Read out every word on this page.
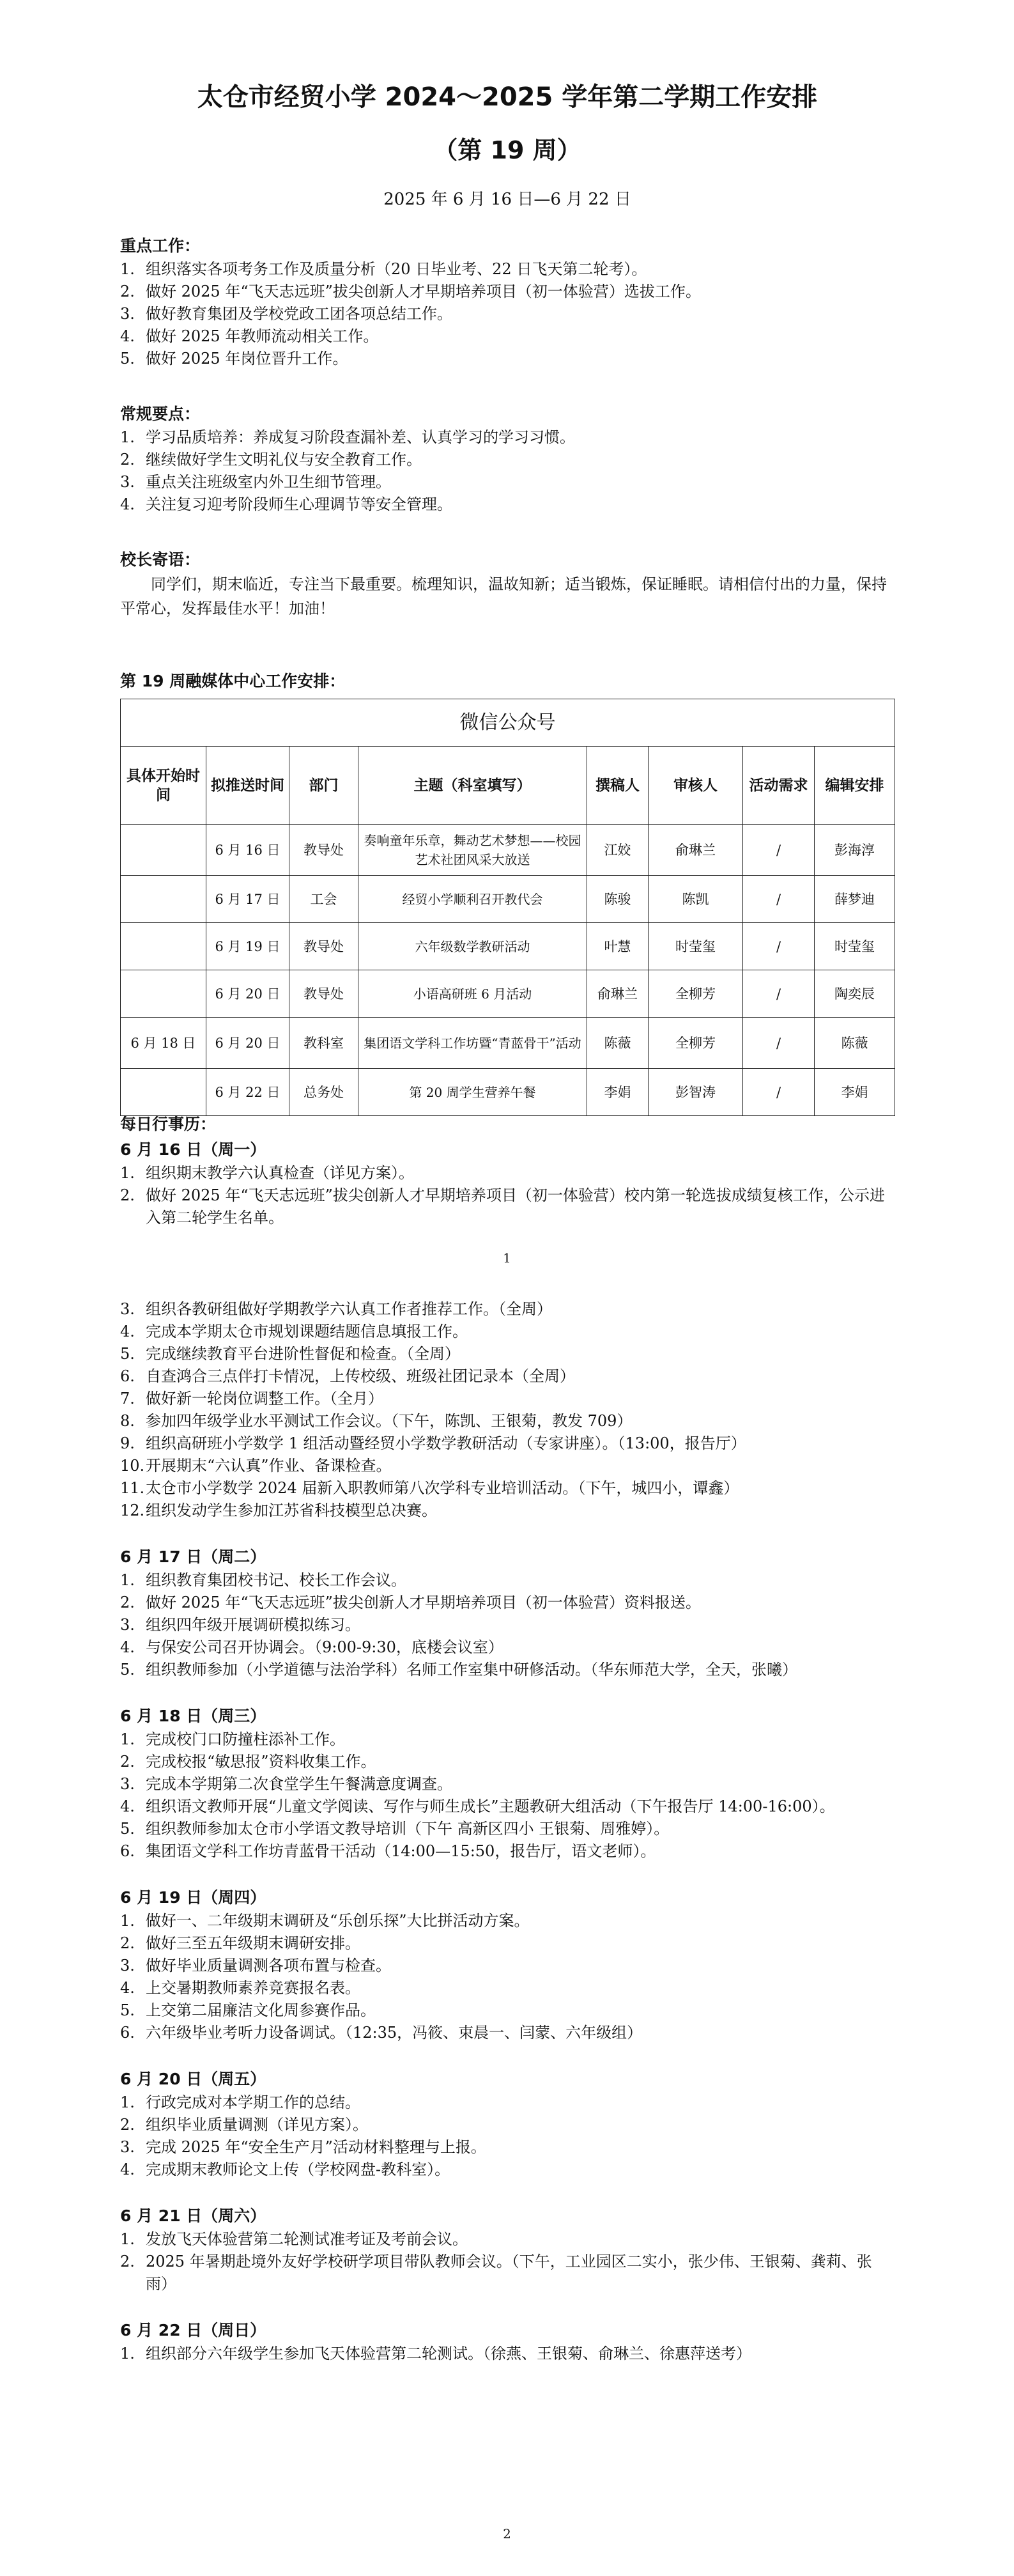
太仓市经贸小学 2024～2025 学年第二学期工作安排
（第 19 周）
2025 年 6 月 16 日—6 月 22 日
重点工作：
1. 组织落实各项考务工作及质量分析（20 日毕业考、22 日飞天第二轮考）。
2. 做好 2025 年“飞天志远班”拔尖创新人才早期培养项目（初一体验营）选拔工作。
3. 做好教育集团及学校党政工团各项总结工作。
4. 做好 2025 年教师流动相关工作。
5. 做好 2025 年岗位晋升工作。
常规要点：
1. 学习品质培养：养成复习阶段查漏补差、认真学习的学习习惯。
2. 继续做好学生文明礼仪与安全教育工作。
3. 重点关注班级室内外卫生细节管理。
4. 关注复习迎考阶段师生心理调节等安全管理。
校长寄语：
同学们，期末临近，专注当下最重要。梳理知识，温故知新；适当锻炼，保证睡眠。请相信付出的力量，保持平常心，发挥最佳水平！加油！
第 19 周融媒体中心工作安排：
微信公众号							
具体开始时间	拟推送时间	部门	主题（科室填写）	撰稿人	审核人	活动需求	编辑安排
	6 月 16 日	教导处	奏响童年乐章，舞动艺术梦想——校园艺术社团风采大放送	江姣	俞琳兰	/	彭海淳
	6 月 17 日	工会	经贸小学顺利召开教代会	陈骏	陈凯	/	薛梦迪
	6 月 19 日	教导处	六年级数学教研活动	叶慧	时莹玺	/	时莹玺
	6 月 20 日	教导处	小语高研班 6 月活动	俞琳兰	全柳芳	/	陶奕辰
6 月 18 日	6 月 20 日	教科室	集团语文学科工作坊暨“青蓝骨干”活动	陈薇	全柳芳	/	陈薇
	6 月 22 日	总务处	第 20 周学生营养午餐	李娟	彭智涛	/	李娟
1
每日行事历：
6 月 16 日（周一）
1. 组织期末教学六认真检查（详见方案）。
2. 做好 2025 年“飞天志远班”拔尖创新人才早期培养项目（初一体验营）校内第一轮选拔成绩复核工作，公示进入第二轮学生名单。
3. 组织各教研组做好学期教学六认真工作者推荐工作。（全周）
4. 完成本学期太仓市规划课题结题信息填报工作。
5. 完成继续教育平台进阶性督促和检查。（全周）
6. 自查鸿合三点伴打卡情况，上传校级、班级社团记录本（全周）
7. 做好新一轮岗位调整工作。（全月）
8. 参加四年级学业水平测试工作会议。（下午，陈凯、王银菊，教发 709）
9. 组织高研班小学数学 1 组活动暨经贸小学数学教研活动（专家讲座）。（13:00，报告厅）
10. 开展期末“六认真”作业、备课检查。
11. 太仓市小学数学 2024 届新入职教师第八次学科专业培训活动。（下午，城四小，谭鑫）
12. 组织发动学生参加江苏省科技模型总决赛。
6 月 17 日（周二）
1. 组织教育集团校书记、校长工作会议。
2. 做好 2025 年“飞天志远班”拔尖创新人才早期培养项目（初一体验营）资料报送。
3. 组织四年级开展调研模拟练习。
4. 与保安公司召开协调会。（9:00-9:30，底楼会议室）
5. 组织教师参加（小学道德与法治学科）名师工作室集中研修活动。（华东师范大学，全天，张曦）
6 月 18 日（周三）
1. 完成校门口防撞柱添补工作。
2. 完成校报“敏思报”资料收集工作。
3. 完成本学期第二次食堂学生午餐满意度调查。
4. 组织语文教师开展“儿童文学阅读、写作与师生成长”主题教研大组活动（下午报告厅 14:00-16:00）。
5. 组织教师参加太仓市小学语文教导培训（下午 高新区四小 王银菊、周雅婷）。
6. 集团语文学科工作坊青蓝骨干活动（14:00—15:50，报告厅，语文老师）。
6 月 19 日（周四）
1. 做好一、二年级期末调研及“乐创乐探”大比拼活动方案。
2. 做好三至五年级期末调研安排。
3. 做好毕业质量调测各项布置与检查。
4. 上交暑期教师素养竞赛报名表。
5. 上交第二届廉洁文化周参赛作品。
6. 六年级毕业考听力设备调试。（12:35，冯筱、束晨一、闫蒙、六年级组）
6 月 20 日（周五）
1. 行政完成对本学期工作的总结。
2. 组织毕业质量调测（详见方案）。
3. 完成 2025 年“安全生产月”活动材料整理与上报。
4. 完成期末教师论文上传（学校网盘-教科室）。
6 月 21 日（周六）
1. 发放飞天体验营第二轮测试准考证及考前会议。
2. 2025 年暑期赴境外友好学校研学项目带队教师会议。（下午，工业园区二实小，张少伟、王银菊、龚莉、张雨）
6 月 22 日（周日）
1. 组织部分六年级学生参加飞天体验营第二轮测试。（徐燕、王银菊、俞琳兰、徐惠萍送考）
2
